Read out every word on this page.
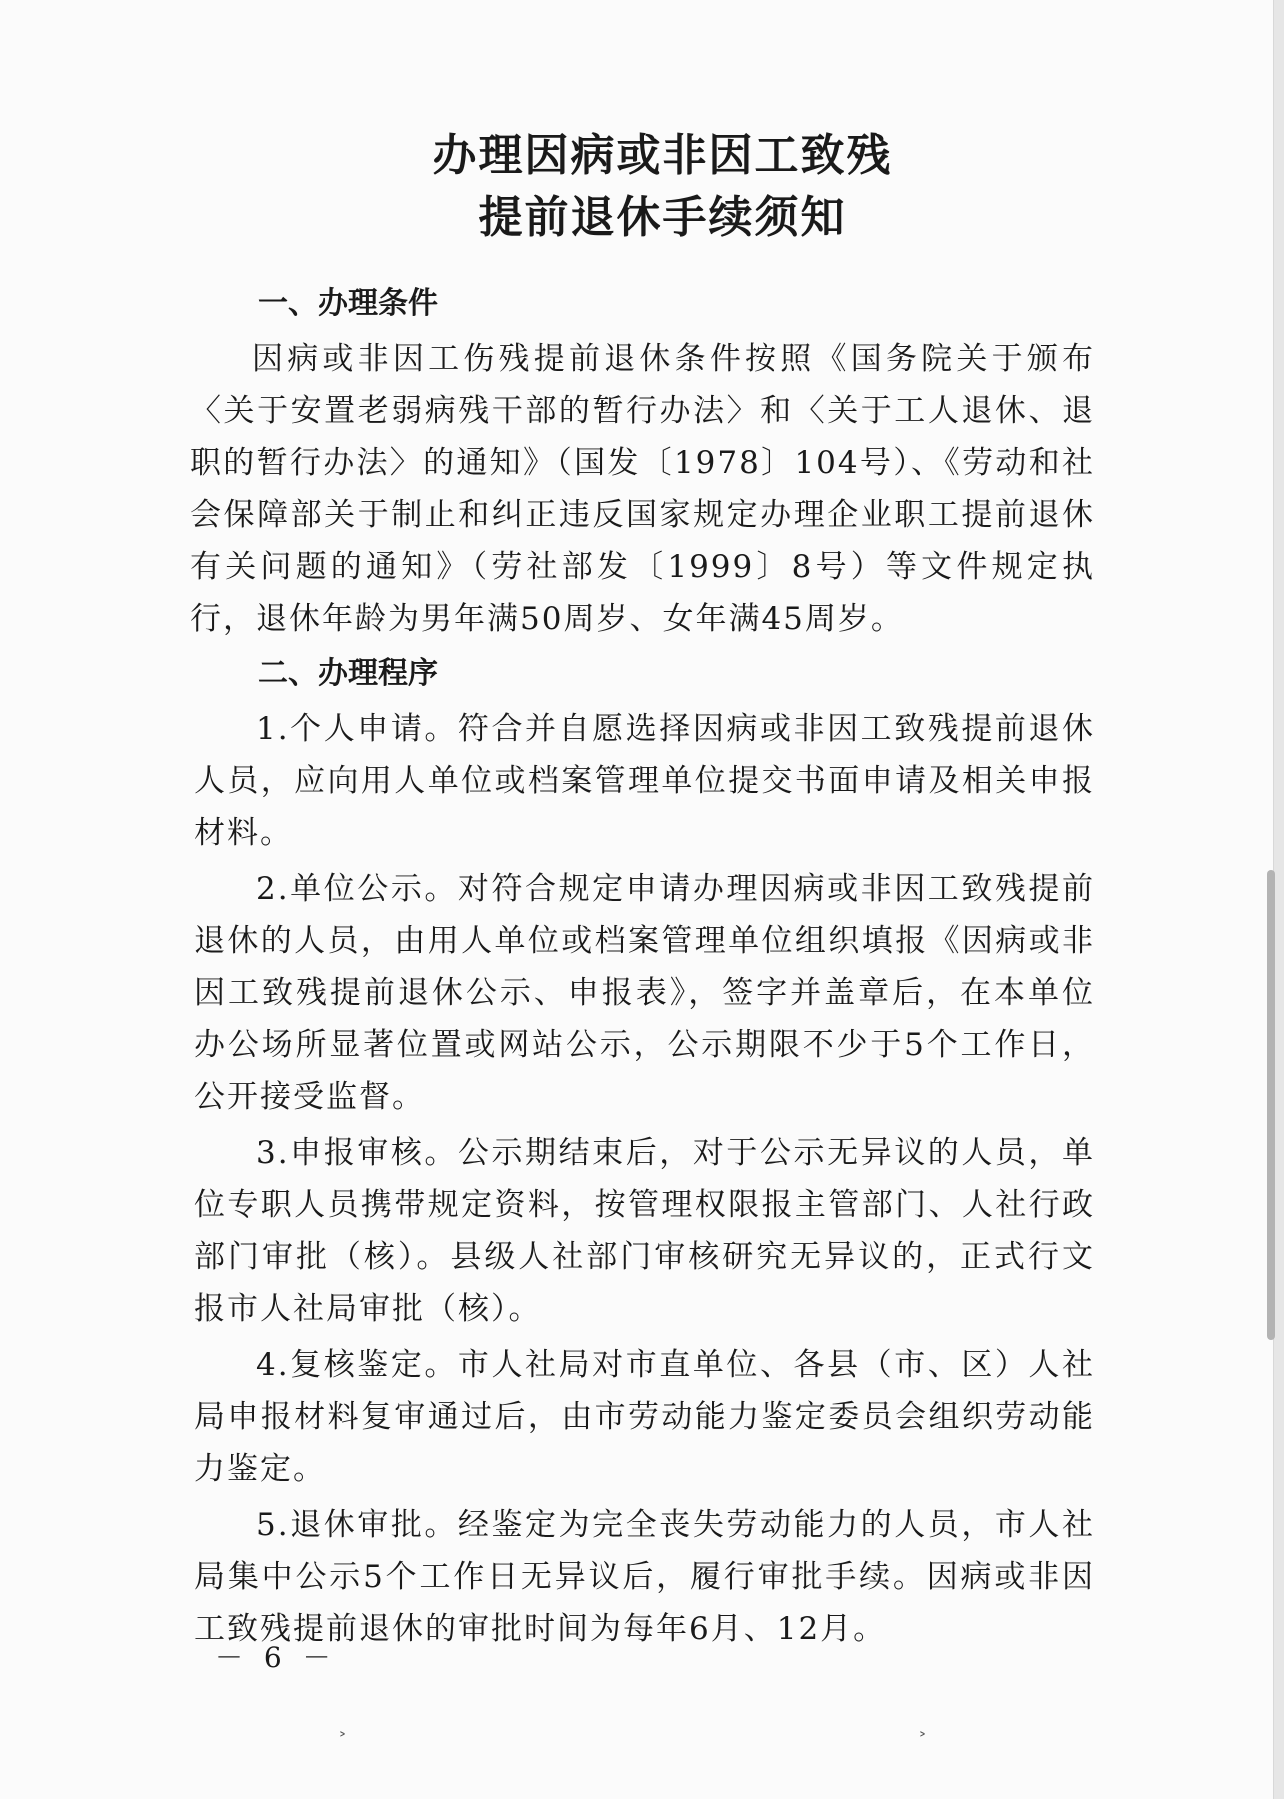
办理因病或非因工致残
提前退休手续须知
一、办理条件

因病或非因工伤残提前退休条件按照《国务院关于颁布〈关于安置老弱病残干部的暂行办法〉和〈关于工人退休、退职的暂行办法〉的通知》（国发〔1978〕104号）、《劳动和社会保障部关于制止和纠正违反国家规定办理企业职工提前退休有关问题的通知》（劳社部发〔1999〕8号）等文件规定执行，退休年龄为男年满50周岁、女年满45周岁。

二、办理程序

1.个人申请。符合并自愿选择因病或非因工致残提前退休人员，应向用人单位或档案管理单位提交书面申请及相关申报材料。

2.单位公示。对符合规定申请办理因病或非因工致残提前退休的人员，由用人单位或档案管理单位组织填报《因病或非因工致残提前退休公示、申报表》，签字并盖章后，在本单位办公场所显著位置或网站公示，公示期限不少于5个工作日，公开接受监督。

3.申报审核。公示期结束后，对于公示无异议的人员，单位专职人员携带规定资料，按管理权限报主管部门、人社行政部门审批（核）。县级人社部门审核研究无异议的，正式行文报市人社局审批（核）。

4.复核鉴定。市人社局对市直单位、各县（市、区）人社局申报材料复审通过后，由市劳动能力鉴定委员会组织劳动能力鉴定。

5.退休审批。经鉴定为完全丧失劳动能力的人员，市人社局集中公示5个工作日无异议后，履行审批手续。因病或非因工致残提前退休的审批时间为每年6月、12月。

－ 6 －
˃	˃
